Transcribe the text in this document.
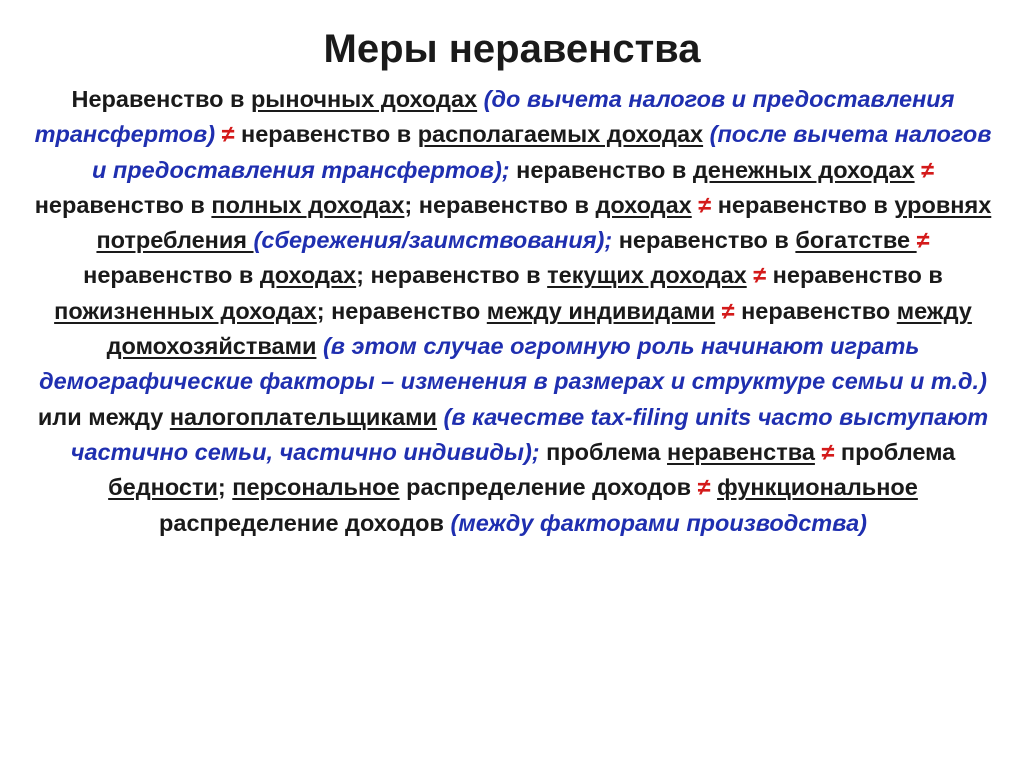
Меры неравенства

Неравенство в рыночных доходах (до вычета налогов и предоставления трансфертов) ≠ неравенство в располагаемых доходах (после вычета налогов и предоставления трансфертов); неравенство в денежных доходах ≠ неравенство в полных доходах; неравенство в доходах ≠ неравенство в уровнях потребления (сбережения/заимствования); неравенство в богатстве ≠ неравенство в доходах; неравенство в текущих доходах ≠ неравенство в пожизненных доходах; неравенство между индивидами ≠ неравенство между домохозяйствами (в этом случае огромную роль начинают играть демографические факторы – изменения в размерах и структуре семьи и т.д.) или между налогоплательщиками (в качестве tax-filing units часто выступают частично семьи, частично индивиды); проблема неравенства ≠ проблема бедности; персональное распределение доходов ≠ функциональное распределение доходов (между факторами производства)
